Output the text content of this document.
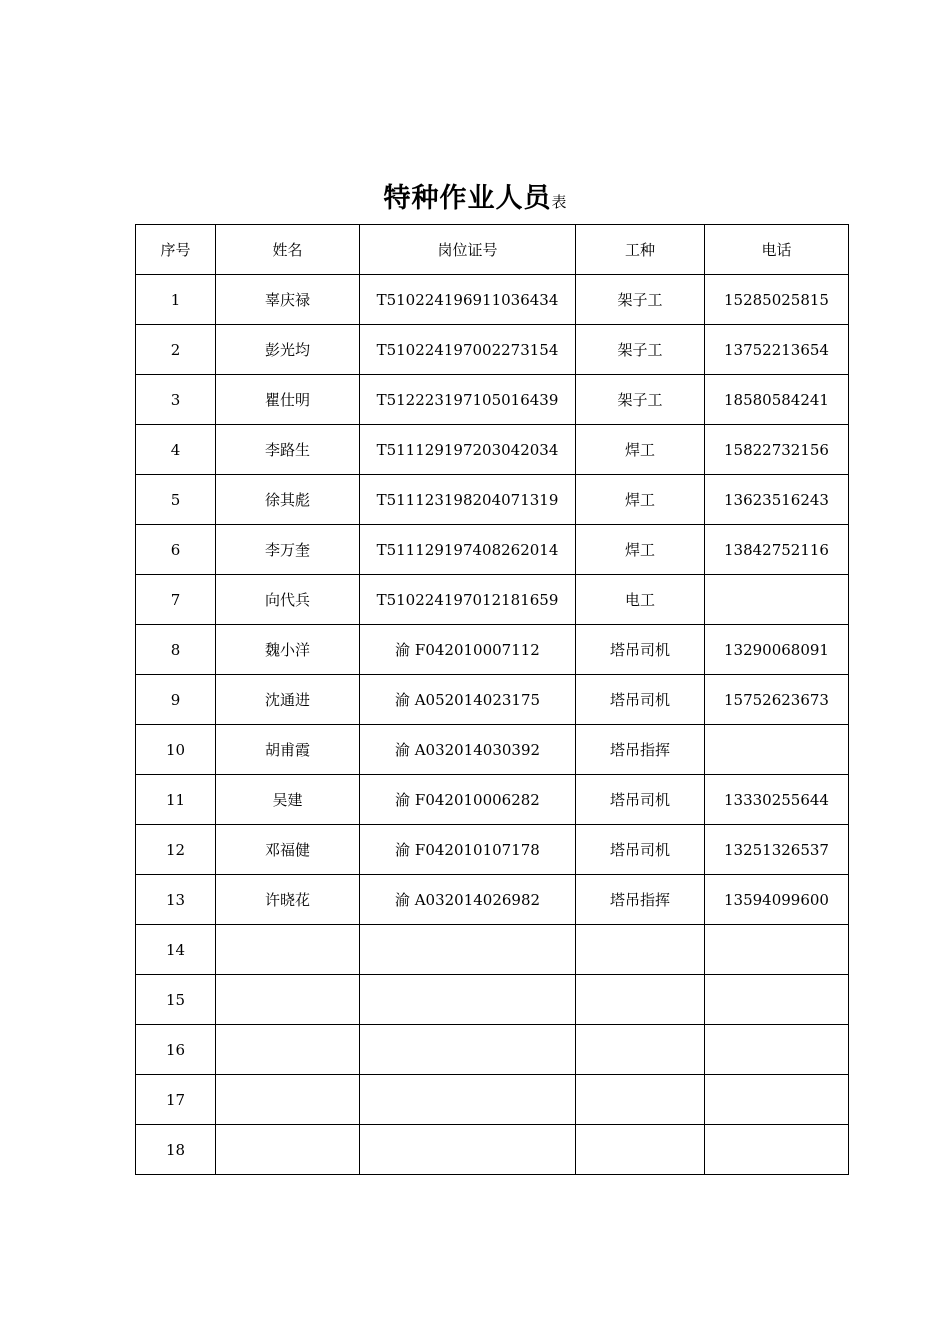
特种作业人员表
序号	姓名	岗位证号	工种	电话
1	辜庆禄	T510224196911036434	架子工	15285025815
2	彭光均	T510224197002273154	架子工	13752213654
3	瞿仕明	T512223197105016439	架子工	18580584241
4	李路生	T511129197203042034	焊工	15822732156
5	徐其彪	T511123198204071319	焊工	13623516243
6	李万奎	T511129197408262014	焊工	13842752116
7	向代兵	T510224197012181659	电工	
8	魏小洋	渝 F042010007112	塔吊司机	13290068091
9	沈通进	渝 A052014023175	塔吊司机	15752623673
10	胡甫霞	渝 A032014030392	塔吊指挥	
11	吴建	渝 F042010006282	塔吊司机	13330255644
12	邓福健	渝 F042010107178	塔吊司机	13251326537
13	许晓花	渝 A032014026982	塔吊指挥	13594099600
14				
15				
16				
17				
18				
